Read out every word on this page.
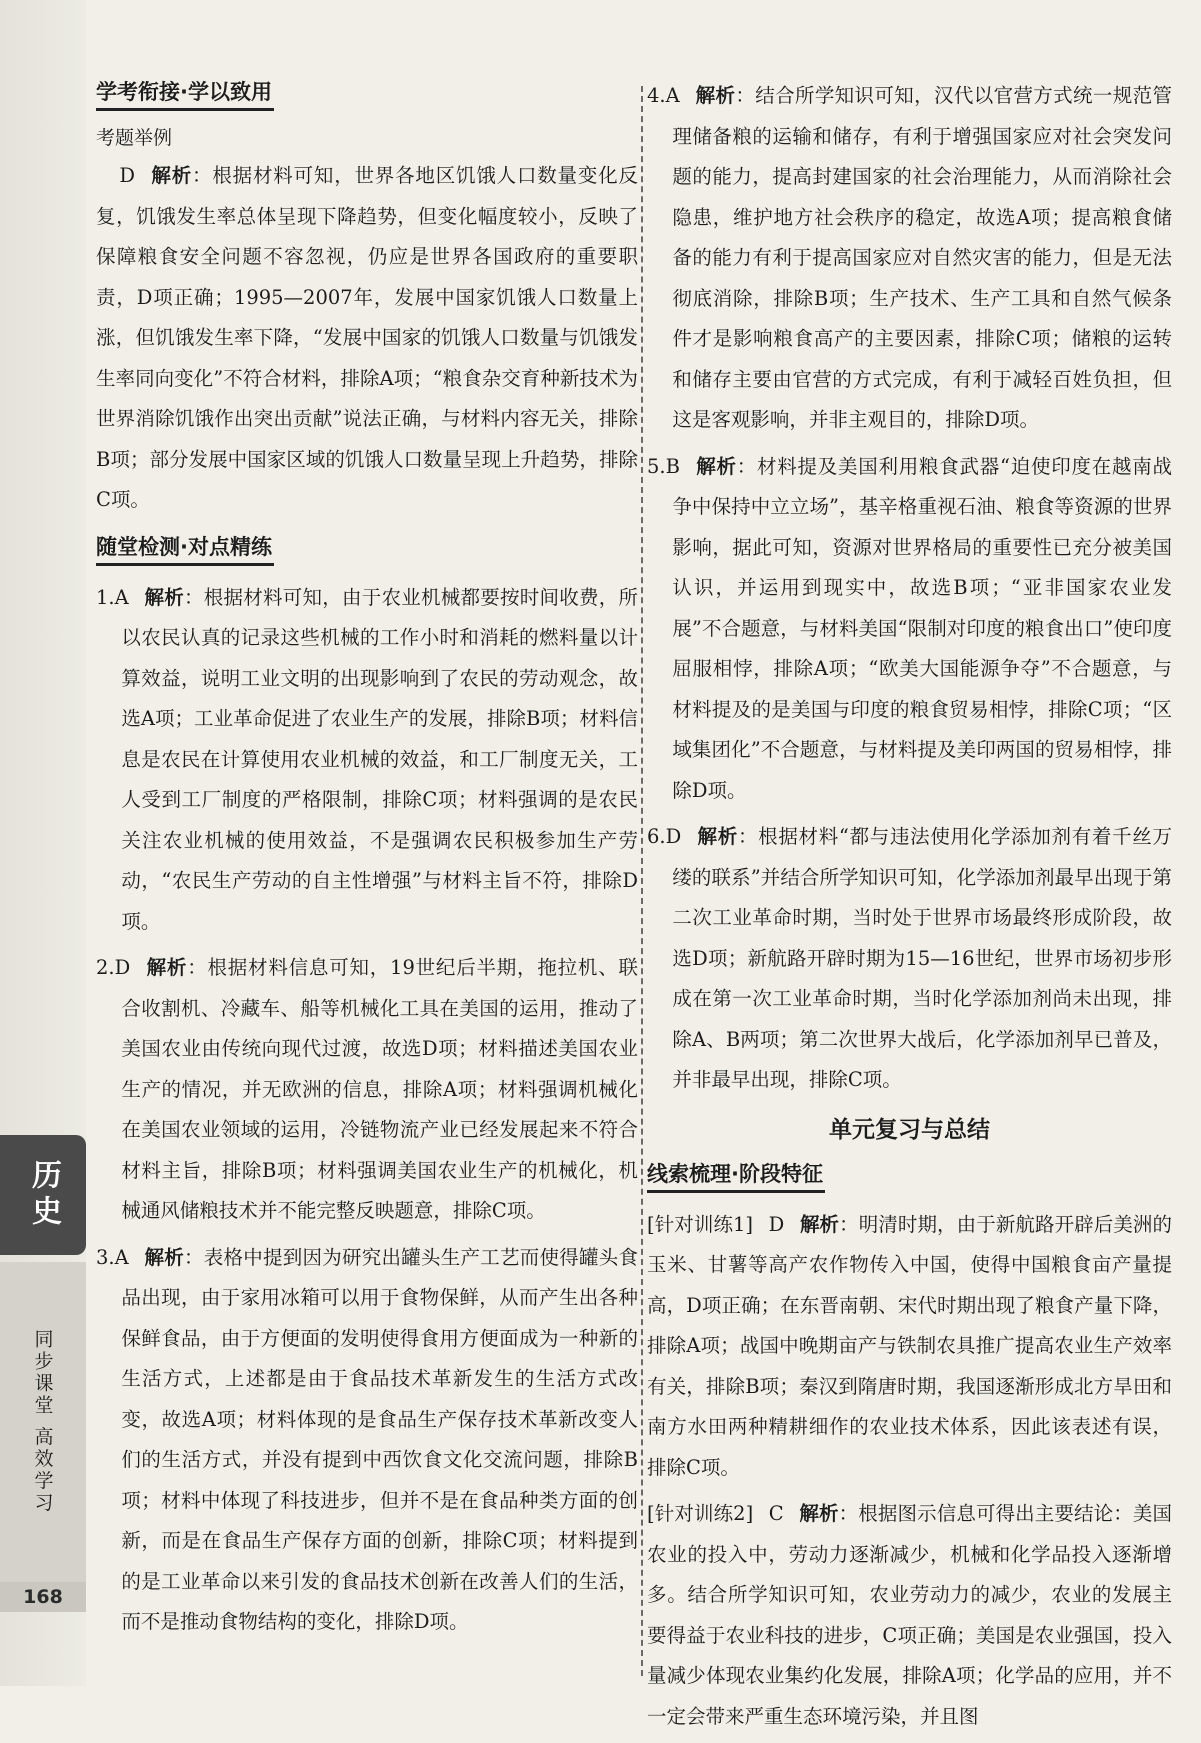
历史
同步课堂 高效学习
168
学考衔接·学以致用
考题举例

D 解析：根据材料可知，世界各地区饥饿人口数量变化反复，饥饿发生率总体呈现下降趋势，但变化幅度较小，反映了保障粮食安全问题不容忽视，仍应是世界各国政府的重要职责，D项正确；1995—2007年，发展中国家饥饿人口数量上涨，但饥饿发生率下降，“发展中国家的饥饿人口数量与饥饿发生率同向变化”不符合材料，排除A项；“粮食杂交育种新技术为世界消除饥饿作出突出贡献”说法正确，与材料内容无关，排除B项；部分发展中国家区域的饥饿人口数量呈现上升趋势，排除C项。

随堂检测·对点精练

1.A 解析：根据材料可知，由于农业机械都要按时间收费，所以农民认真的记录这些机械的工作小时和消耗的燃料量以计算效益，说明工业文明的出现影响到了农民的劳动观念，故选A项；工业革命促进了农业生产的发展，排除B项；材料信息是农民在计算使用农业机械的效益，和工厂制度无关，工人受到工厂制度的严格限制，排除C项；材料强调的是农民关注农业机械的使用效益，不是强调农民积极参加生产劳动，“农民生产劳动的自主性增强”与材料主旨不符，排除D项。

2.D 解析：根据材料信息可知，19世纪后半期，拖拉机、联合收割机、冷藏车、船等机械化工具在美国的运用，推动了美国农业由传统向现代过渡，故选D项；材料描述美国农业生产的情况，并无欧洲的信息，排除A项；材料强调机械化在美国农业领域的运用，冷链物流产业已经发展起来不符合材料主旨，排除B项；材料强调美国农业生产的机械化，机械通风储粮技术并不能完整反映题意，排除C项。

3.A 解析：表格中提到因为研究出罐头生产工艺而使得罐头食品出现，由于家用冰箱可以用于食物保鲜，从而产生出各种保鲜食品，由于方便面的发明使得食用方便面成为一种新的生活方式，上述都是由于食品技术革新发生的生活方式改变，故选A项；材料体现的是食品生产保存技术革新改变人们的生活方式，并没有提到中西饮食文化交流问题，排除B项；材料中体现了科技进步，但并不是在食品种类方面的创新，而是在食品生产保存方面的创新，排除C项；材料提到的是工业革命以来引发的食品技术创新在改善人们的生活，而不是推动食物结构的变化，排除D项。

4.A 解析：结合所学知识可知，汉代以官营方式统一规范管理储备粮的运输和储存，有利于增强国家应对社会突发问题的能力，提高封建国家的社会治理能力，从而消除社会隐患，维护地方社会秩序的稳定，故选A项；提高粮食储备的能力有利于提高国家应对自然灾害的能力，但是无法彻底消除，排除B项；生产技术、生产工具和自然气候条件才是影响粮食高产的主要因素，排除C项；储粮的运转和储存主要由官营的方式完成，有利于减轻百姓负担，但这是客观影响，并非主观目的，排除D项。

5.B 解析：材料提及美国利用粮食武器“迫使印度在越南战争中保持中立立场”，基辛格重视石油、粮食等资源的世界影响，据此可知，资源对世界格局的重要性已充分被美国认识，并运用到现实中，故选B项；“亚非国家农业发展”不合题意，与材料美国“限制对印度的粮食出口”使印度屈服相悖，排除A项；“欧美大国能源争夺”不合题意，与材料提及的是美国与印度的粮食贸易相悖，排除C项；“区域集团化”不合题意，与材料提及美印两国的贸易相悖，排除D项。

6.D 解析：根据材料“都与违法使用化学添加剂有着千丝万缕的联系”并结合所学知识可知，化学添加剂最早出现于第二次工业革命时期，当时处于世界市场最终形成阶段，故选D项；新航路开辟时期为15—16世纪，世界市场初步形成在第一次工业革命时期，当时化学添加剂尚未出现，排除A、B两项；第二次世界大战后，化学添加剂早已普及，并非最早出现，排除C项。

单元复习与总结
线索梳理·阶段特征

[针对训练1] D 解析：明清时期，由于新航路开辟后美洲的玉米、甘薯等高产农作物传入中国，使得中国粮食亩产量提高，D项正确；在东晋南朝、宋代时期出现了粮食产量下降，排除A项；战国中晚期亩产与铁制农具推广提高农业生产效率有关，排除B项；秦汉到隋唐时期，我国逐渐形成北方旱田和南方水田两种精耕细作的农业技术体系，因此该表述有误，排除C项。

[针对训练2] C 解析：根据图示信息可得出主要结论：美国农业的投入中，劳动力逐渐减少，机械和化学品投入逐渐增多。结合所学知识可知，农业劳动力的减少，农业的发展主要得益于农业科技的进步，C项正确；美国是农业强国，投入量减少体现农业集约化发展，排除A项；化学品的应用，并不一定会带来严重生态环境污染，并且图
